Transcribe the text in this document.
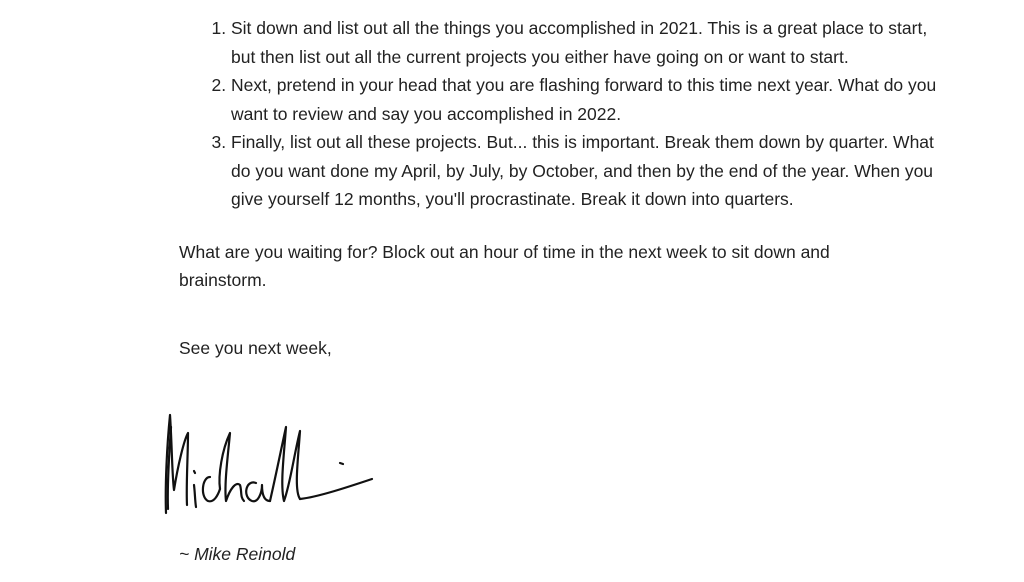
1. Sit down and list out all the things you accomplished in 2021. This is a great place to start, but then list out all the current projects you either have going on or want to start.
2. Next, pretend in your head that you are flashing forward to this time next year. What do you want to review and say you accomplished in 2022.
3. Finally, list out all these projects. But... this is important. Break them down by quarter. What do you want done my April, by July, by October, and then by the end of the year. When you give yourself 12 months, you'll procrastinate. Break it down into quarters.

What are you waiting for? Block out an hour of time in the next week to sit down and brainstorm.

See you next week,

~ Mike Reinold
